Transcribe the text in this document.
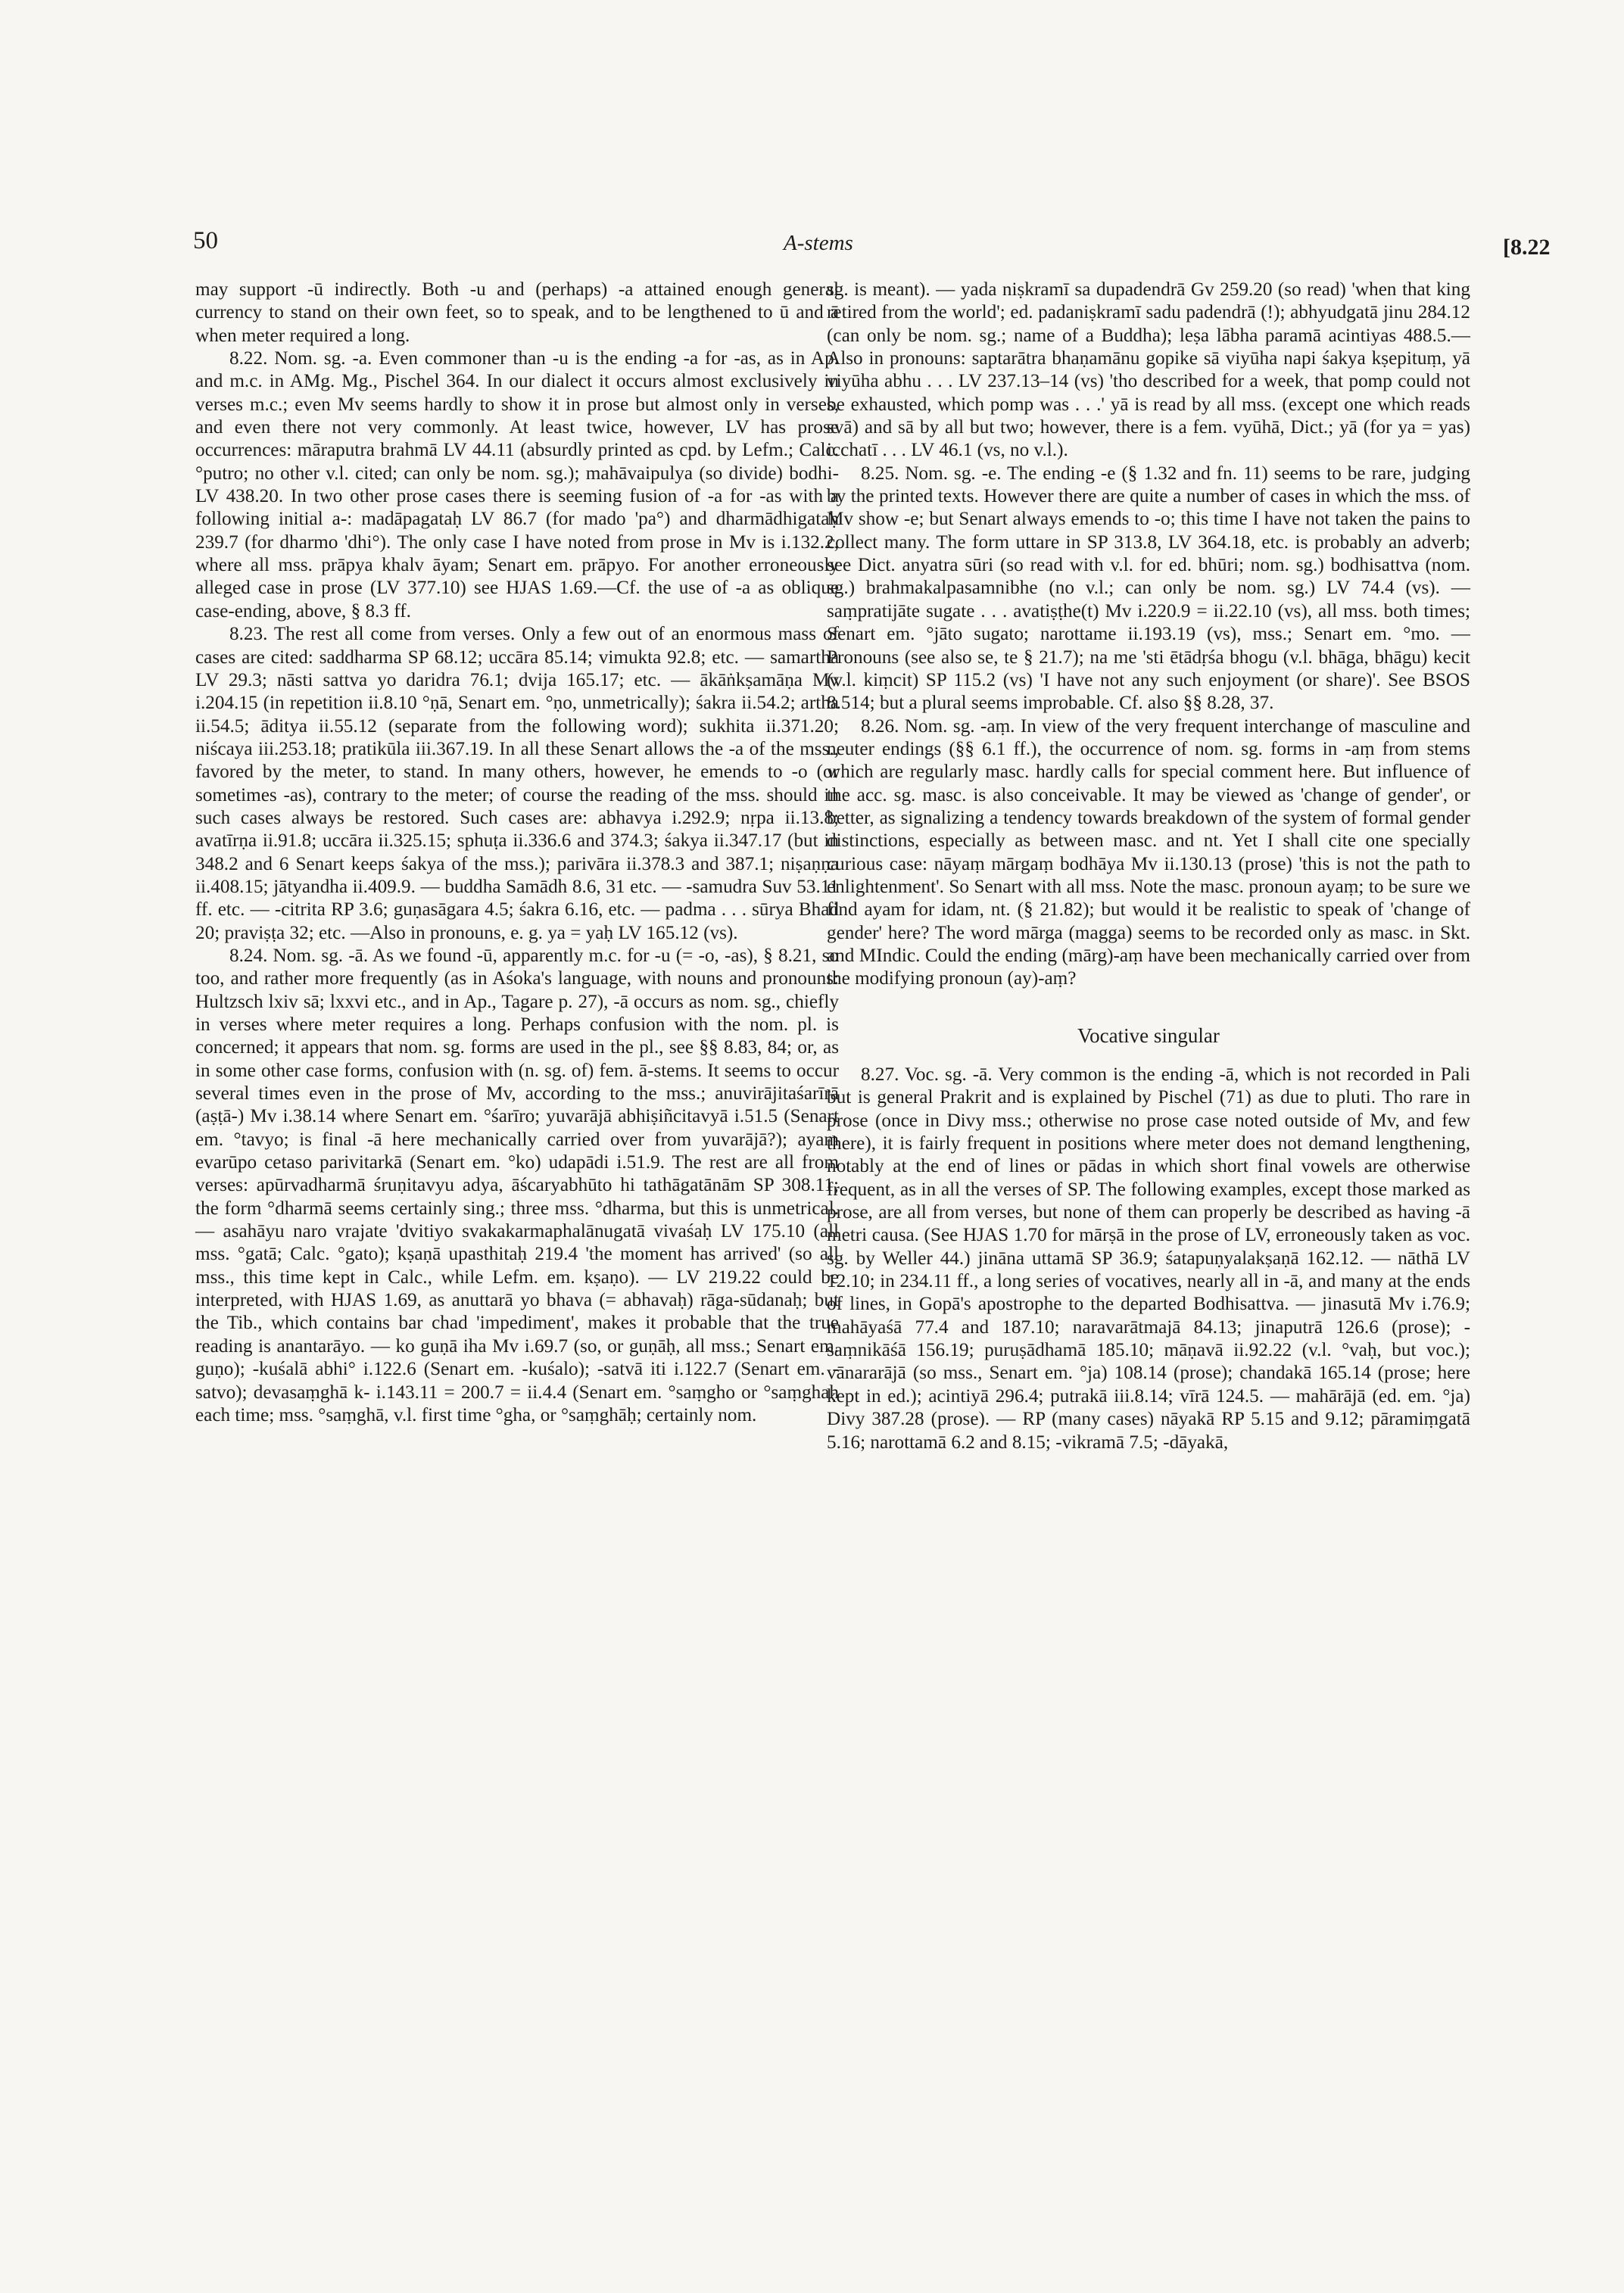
50	A-stems	[8.22

may support -ū indirectly. Both -u and (perhaps) -a attained enough general currency to stand on their own feet, so to speak, and to be lengthened to ū and ā when meter required a long.

8.22. Nom. sg. -a. Even commoner than -u is the ending -a for -as, as in Ap. and m.c. in AMg. Mg., Pischel 364. In our dialect it occurs almost exclusively in verses m.c.; even Mv seems hardly to show it in prose but almost only in verses, and even there not very commonly. At least twice, however, LV has prose occurrences: māraputra brahmā LV 44.11 (absurdly printed as cpd. by Lefm.; Calc. °putro; no other v.l. cited; can only be nom. sg.); mahāvaipulya (so divide) bodhi- LV 438.20. In two other prose cases there is seeming fusion of -a for -as with a following initial a-: madāpagataḥ LV 86.7 (for mado 'pa°) and dharmādhigataḥ 239.7 (for dharmo 'dhi°). The only case I have noted from prose in Mv is i.132.2, where all mss. prāpya khalv āyam; Senart em. prāpyo. For another erroneously alleged case in prose (LV 377.10) see HJAS 1.69.—Cf. the use of -a as oblique case-ending, above, § 8.3 ff.

8.23. The rest all come from verses. Only a few out of an enormous mass of cases are cited: saddharma SP 68.12; uccāra 85.14; vimukta 92.8; etc. — samartha LV 29.3; nāsti sattva yo daridra 76.1; dvija 165.17; etc. — ākāṅkṣamāṇa Mv i.204.15 (in repetition ii.8.10 °ṇā, Senart em. °ṇo, unmetrically); śakra ii.54.2; artha ii.54.5; āditya ii.55.12 (separate from the following word); sukhita ii.371.20; niścaya iii.253.18; pratikūla iii.367.19. In all these Senart allows the -a of the mss., favored by the meter, to stand. In many others, however, he emends to -o (or sometimes -as), contrary to the meter; of course the reading of the mss. should in such cases always be restored. Such cases are: abhavya i.292.9; nṛpa ii.13.8; avatīrṇa ii.91.8; uccāra ii.325.15; sphuṭa ii.336.6 and 374.3; śakya ii.347.17 (but in 348.2 and 6 Senart keeps śakya of the mss.); parivāra ii.378.3 and 387.1; niṣaṇṇa ii.408.15; jātyandha ii.409.9. — buddha Samādh 8.6, 31 etc. — -samudra Suv 53.11 ff. etc. — -citrita RP 3.6; guṇasāgara 4.5; śakra 6.16, etc. — padma . . . sūrya Bhad 20; praviṣṭa 32; etc. —Also in pronouns, e. g. ya = yaḥ LV 165.12 (vs).

8.24. Nom. sg. -ā. As we found -ū, apparently m.c. for -u (= -o, -as), § 8.21, so too, and rather more frequently (as in Aśoka's language, with nouns and pronouns: Hultzsch lxiv sā; lxxvi etc., and in Ap., Tagare p. 27), -ā occurs as nom. sg., chiefly in verses where meter requires a long. Perhaps confusion with the nom. pl. is concerned; it appears that nom. sg. forms are used in the pl., see §§ 8.83, 84; or, as in some other case forms, confusion with (n. sg. of) fem. ā-stems. It seems to occur several times even in the prose of Mv, according to the mss.; anuvirājitaśarīrā (aṣṭā-) Mv i.38.14 where Senart em. °śarīro; yuvarājā abhiṣiñcitavyā i.51.5 (Senart em. °tavyo; is final -ā here mechanically carried over from yuvarājā?); ayam evarūpo cetaso parivitarkā (Senart em. °ko) udapādi i.51.9. The rest are all from verses: apūrvadharmā śruṇitavyu adya, āścaryabhūto hi tathāgatānām SP 308.11; the form °dharmā seems certainly sing.; three mss. °dharma, but this is unmetrical. — asahāyu naro vrajate 'dvitiyo svakakarmaphalānugatā vivaśaḥ LV 175.10 (all mss. °gatā; Calc. °gato); kṣaṇā upasthitaḥ 219.4 'the moment has arrived' (so all mss., this time kept in Calc., while Lefm. em. kṣaṇo). — LV 219.22 could be interpreted, with HJAS 1.69, as anuttarā yo bhava (= abhavaḥ) rāga-sūdanaḥ; but the Tib., which contains bar chad 'impediment', makes it probable that the true reading is anantarāyo. — ko guṇā iha Mv i.69.7 (so, or guṇāḥ, all mss.; Senart em. guṇo); -kuśalā abhi° i.122.6 (Senart em. -kuśalo); -satvā iti i.122.7 (Senart em. -satvo); devasaṃghā k- i.143.11 = 200.7 = ii.4.4 (Senart em. °saṃgho or °saṃghaḥ each time; mss. °saṃghā, v.l. first time °gha, or °saṃghāḥ; certainly nom.

sg. is meant). — yada niṣkramī sa dupadendrā Gv 259.20 (so read) 'when that king retired from the world'; ed. padaniṣkramī sadu padendrā (!); abhyudgatā jinu 284.12 (can only be nom. sg.; name of a Buddha); leṣa lābha paramā acintiyas 488.5.—Also in pronouns: saptarātra bhaṇamānu gopike sā viyūha napi śakya kṣepituṃ, yā viyūha abhu . . . LV 237.13–14 (vs) 'tho described for a week, that pomp could not be exhausted, which pomp was . . .' yā is read by all mss. (except one which reads svā) and sā by all but two; however, there is a fem. vyūhā, Dict.; yā (for ya = yas) icchatī . . . LV 46.1 (vs, no v.l.).

8.25. Nom. sg. -e. The ending -e (§ 1.32 and fn. 11) seems to be rare, judging by the printed texts. However there are quite a number of cases in which the mss. of Mv show -e; but Senart always emends to -o; this time I have not taken the pains to collect many. The form uttare in SP 313.8, LV 364.18, etc. is probably an adverb; see Dict. anyatra sūri (so read with v.l. for ed. bhūri; nom. sg.) bodhisattva (nom. sg.) brahmakalpasamnibhe (no v.l.; can only be nom. sg.) LV 74.4 (vs). — saṃpratijāte sugate . . . avatiṣṭhe(t) Mv i.220.9 = ii.22.10 (vs), all mss. both times; Senart em. °jāto sugato; narottame ii.193.19 (vs), mss.; Senart em. °mo. — Pronouns (see also se, te § 21.7); na me 'sti ētādṛśa bhogu (v.l. bhāga, bhāgu) kecit (v.l. kiṃcit) SP 115.2 (vs) 'I have not any such enjoyment (or share)'. See BSOS 8.514; but a plural seems improbable. Cf. also §§ 8.28, 37.

8.26. Nom. sg. -aṃ. In view of the very frequent interchange of masculine and neuter endings (§§ 6.1 ff.), the occurrence of nom. sg. forms in -aṃ from stems which are regularly masc. hardly calls for special comment here. But influence of the acc. sg. masc. is also conceivable. It may be viewed as 'change of gender', or better, as signalizing a tendency towards breakdown of the system of formal gender distinctions, especially as between masc. and nt. Yet I shall cite one specially curious case: nāyaṃ mārgaṃ bodhāya Mv ii.130.13 (prose) 'this is not the path to enlightenment'. So Senart with all mss. Note the masc. pronoun ayaṃ; to be sure we find ayam for idam, nt. (§ 21.82); but would it be realistic to speak of 'change of gender' here? The word mārga (magga) seems to be recorded only as masc. in Skt. and MIndic. Could the ending (mārg)-aṃ have been mechanically carried over from the modifying pronoun (ay)-aṃ?

Vocative singular

8.27. Voc. sg. -ā. Very common is the ending -ā, which is not recorded in Pali but is general Prakrit and is explained by Pischel (71) as due to pluti. Tho rare in prose (once in Divy mss.; otherwise no prose case noted outside of Mv, and few there), it is fairly frequent in positions where meter does not demand lengthening, notably at the end of lines or pādas in which short final vowels are otherwise frequent, as in all the verses of SP. The following examples, except those marked as prose, are all from verses, but none of them can properly be described as having -ā metri causa. (See HJAS 1.70 for mārṣā in the prose of LV, erroneously taken as voc. sg. by Weller 44.) jināna uttamā SP 36.9; śatapuṇyalakṣaṇā 162.12. — nāthā LV 12.10; in 234.11 ff., a long series of vocatives, nearly all in -ā, and many at the ends of lines, in Gopā's apostrophe to the departed Bodhisattva. — jinasutā Mv i.76.9; mahāyaśā 77.4 and 187.10; naravarātmajā 84.13; jinaputrā 126.6 (prose); -saṃnikāśā 156.19; puruṣādhamā 185.10; māṇavā ii.92.22 (v.l. °vaḥ, but voc.); vānararājā (so mss., Senart em. °ja) 108.14 (prose); chandakā 165.14 (prose; here kept in ed.); acintiyā 296.4; putrakā iii.8.14; vīrā 124.5. — mahārājā (ed. em. °ja) Divy 387.28 (prose). — RP (many cases) nāyakā RP 5.15 and 9.12; pāramiṃgatā 5.16; narottamā 6.2 and 8.15; -vikramā 7.5; -dāyakā,
